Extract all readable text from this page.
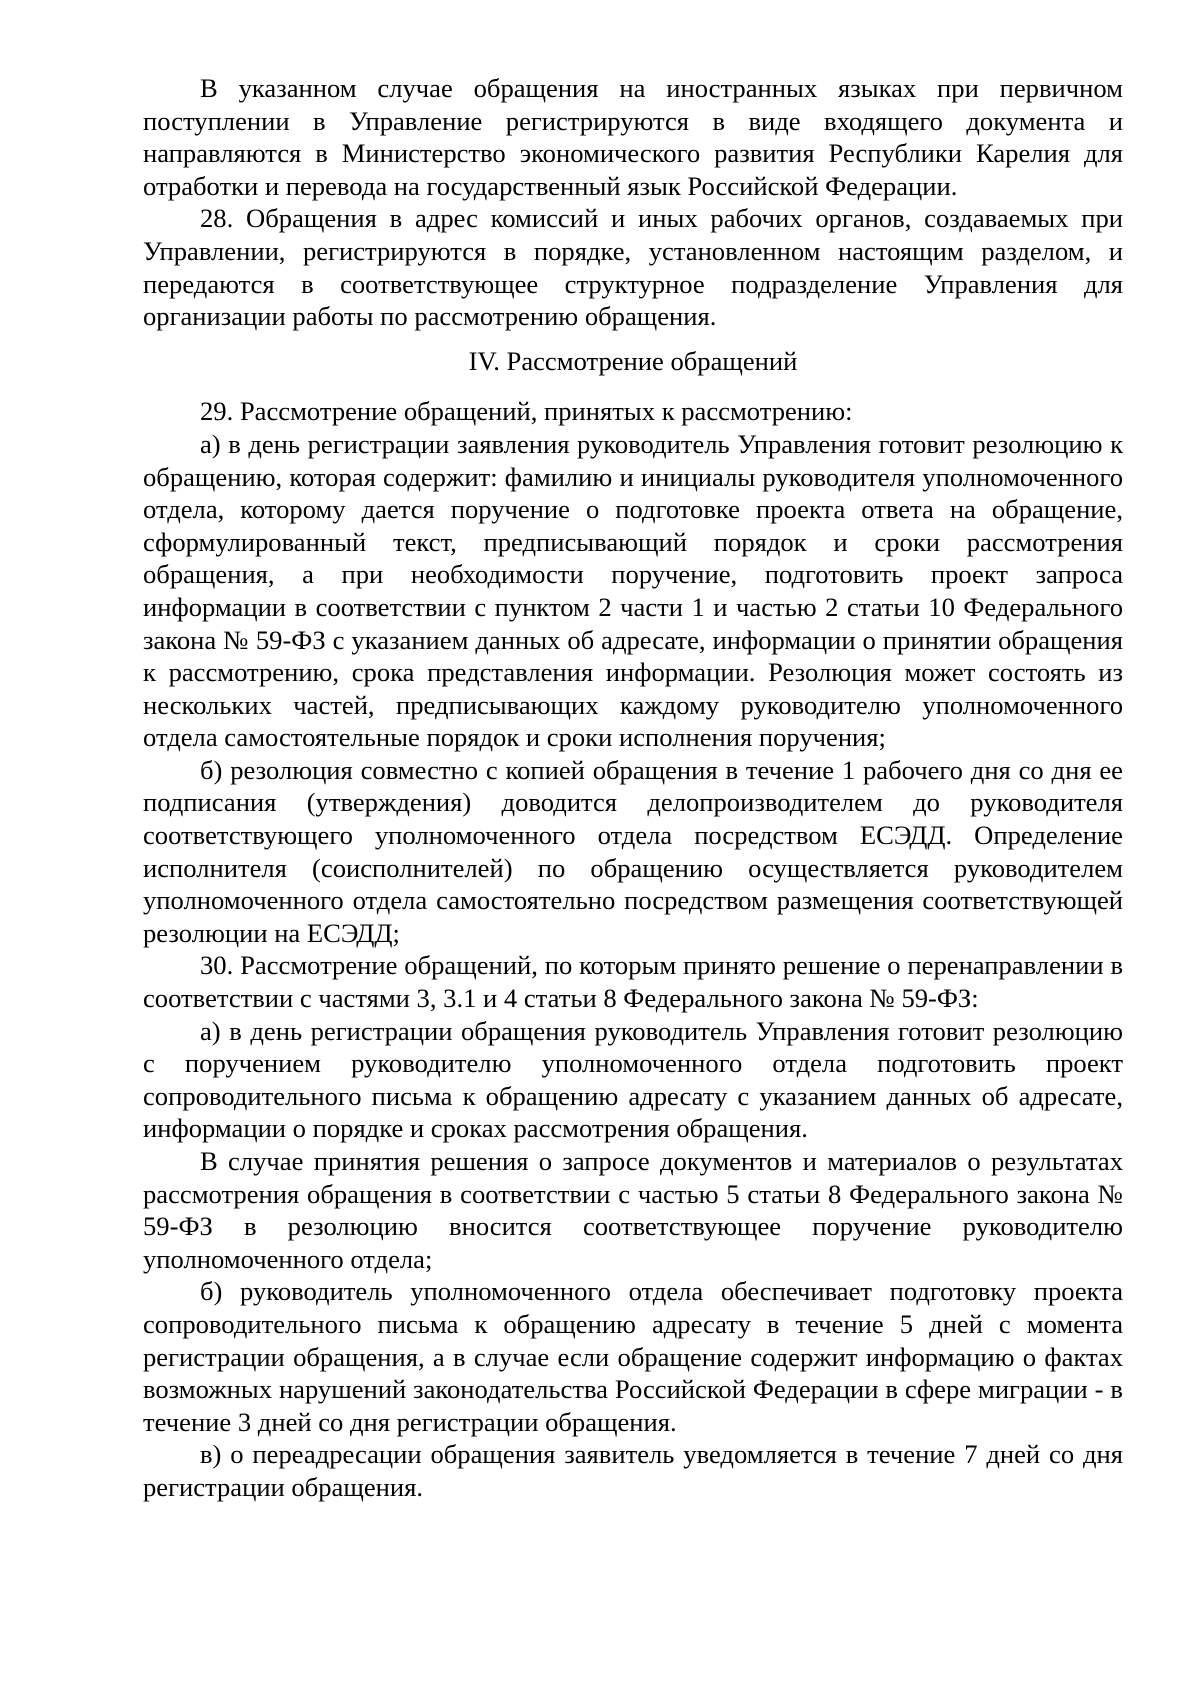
В указанном случае обращения на иностранных языках при первичном поступлении в Управление регистрируются в виде входящего документа и направляются в Министерство экономического развития Республики Карелия для отработки и перевода на государственный язык Российской Федерации.

28. Обращения в адрес комиссий и иных рабочих органов, создаваемых при Управлении, регистрируются в порядке, установленном настоящим разделом, и передаются в соответствующее структурное подразделение Управления для организации работы по рассмотрению обращения.

IV. Рассмотрение обращений

29. Рассмотрение обращений, принятых к рассмотрению:

а) в день регистрации заявления руководитель Управления готовит резолюцию к обращению, которая содержит: фамилию и инициалы руководителя уполномоченного отдела, которому дается поручение о подготовке проекта ответа на обращение, сформулированный текст, предписывающий порядок и сроки рассмотрения обращения, а при необходимости поручение, подготовить проект запроса информации в соответствии с пунктом 2 части 1 и частью 2 статьи 10 Федерального закона № 59-ФЗ с указанием данных об адресате, информации о принятии обращения к рассмотрению, срока представления информации. Резолюция может состоять из нескольких частей, предписывающих каждому руководителю уполномоченного отдела самостоятельные порядок и сроки исполнения поручения;

б) резолюция совместно с копией обращения в течение 1 рабочего дня со дня ее подписания (утверждения) доводится делопроизводителем до руководителя соответствующего уполномоченного отдела посредством ЕСЭДД. Определение исполнителя (соисполнителей) по обращению осуществляется руководителем уполномоченного отдела самостоятельно посредством размещения соответствующей резолюции на ЕСЭДД;

30. Рассмотрение обращений, по которым принято решение о перенаправлении в соответствии с частями 3, 3.1 и 4 статьи 8 Федерального закона № 59-ФЗ:

а) в день регистрации обращения руководитель Управления готовит резолюцию с поручением руководителю уполномоченного отдела подготовить проект сопроводительного письма к обращению адресату с указанием данных об адресате, информации о порядке и сроках рассмотрения обращения.

В случае принятия решения о запросе документов и материалов о результатах рассмотрения обращения в соответствии с частью 5 статьи 8 Федерального закона № 59-ФЗ в резолюцию вносится соответствующее поручение руководителю уполномоченного отдела;

б) руководитель уполномоченного отдела обеспечивает подготовку проекта сопроводительного письма к обращению адресату в течение 5 дней с момента регистрации обращения, а в случае если обращение содержит информацию о фактах возможных нарушений законодательства Российской Федерации в сфере миграции - в течение 3 дней со дня регистрации обращения.

в) о переадресации обращения заявитель уведомляется в течение 7 дней со дня регистрации обращения.
